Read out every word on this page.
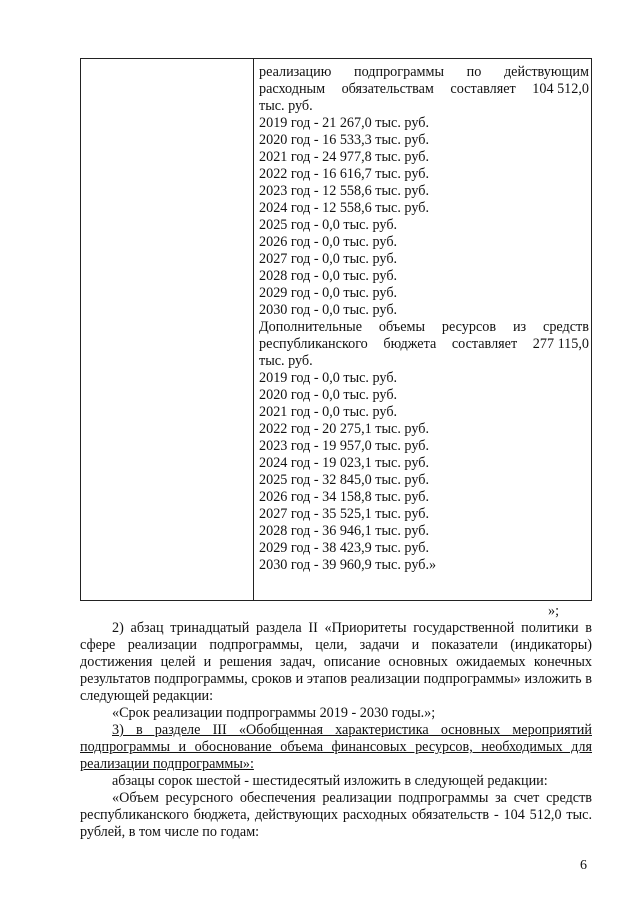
реализацию подпрограммы по действующим
расходным обязательствам составляет 104 512,0
тыс. руб.
2019 год - 21 267,0 тыс. руб.
2020 год - 16 533,3 тыс. руб.
2021 год - 24 977,8 тыс. руб.
2022 год - 16 616,7 тыс. руб.
2023 год - 12 558,6 тыс. руб.
2024 год - 12 558,6 тыс. руб.
2025 год - 0,0 тыс. руб.
2026 год - 0,0 тыс. руб.
2027 год - 0,0 тыс. руб.
2028 год - 0,0 тыс. руб.
2029 год - 0,0 тыс. руб.
2030 год - 0,0 тыс. руб.
Дополнительные объемы ресурсов из средств
республиканского бюджета составляет 277 115,0
тыс. руб.
2019 год - 0,0 тыс. руб.
2020 год - 0,0 тыс. руб.
2021 год - 0,0 тыс. руб.
2022 год - 20 275,1 тыс. руб.
2023 год - 19 957,0 тыс. руб.
2024 год - 19 023,1 тыс. руб.
2025 год - 32 845,0 тыс. руб.
2026 год - 34 158,8 тыс. руб.
2027 год - 35 525,1 тыс. руб.
2028 год - 36 946,1 тыс. руб.
2029 год - 38 423,9 тыс. руб.
2030 год - 39 960,9 тыс. руб.»
»;
2) абзац тринадцатый раздела II «Приоритеты государственной политики в сфере реализации подпрограммы, цели, задачи и показатели (индикаторы) достижения целей и решения задач, описание основных ожидаемых конечных результатов подпрограммы, сроков и этапов реализации подпрограммы» изложить в следующей редакции:
«Срок реализации подпрограммы 2019 - 2030 годы.»;
3) в разделе III «Обобщенная характеристика основных мероприятий подпрограммы и обоснование объема финансовых ресурсов, необходимых для реализации подпрограммы»:
абзацы сорок шестой - шестидесятый изложить в следующей редакции:
«Объем ресурсного обеспечения реализации подпрограммы за счет средств республиканского бюджета, действующих расходных обязательств - 104 512,0 тыс. рублей, в том числе по годам:
6
